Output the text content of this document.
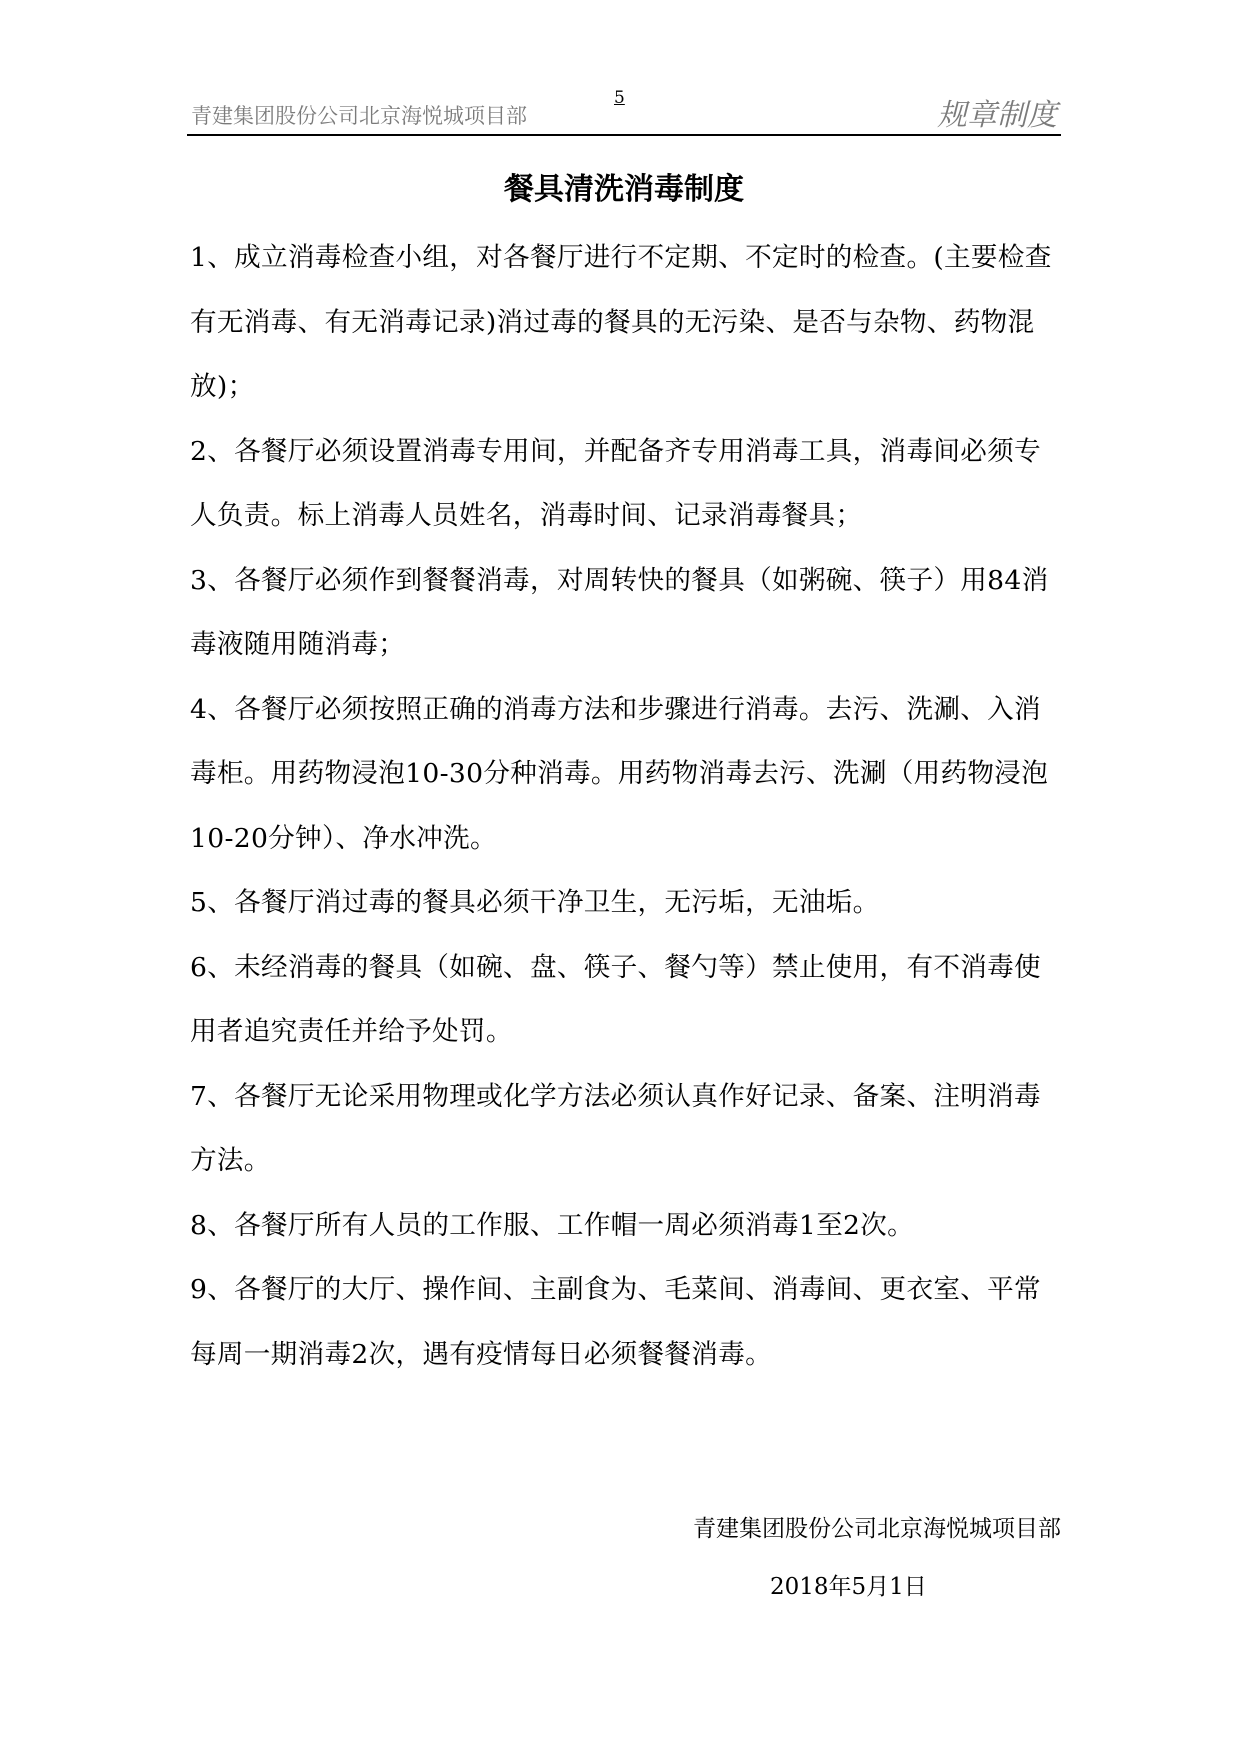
青建集团股份公司北京海悦城项目部
5	规章制度
餐具清洗消毒制度

1、成立消毒检查小组，对各餐厅进行不定期、不定时的检查。(主要检查有无消毒、有无消毒记录)消过毒的餐具的无污染、是否与杂物、药物混放)；

2、各餐厅必须设置消毒专用间，并配备齐专用消毒工具，消毒间必须专人负责。标上消毒人员姓名，消毒时间、记录消毒餐具；

3、各餐厅必须作到餐餐消毒，对周转快的餐具（如粥碗、筷子）用84消毒液随用随消毒；

4、各餐厅必须按照正确的消毒方法和步骤进行消毒。去污、洗涮、入消毒柜。用药物浸泡10-30分种消毒。用药物消毒去污、洗涮（用药物浸泡10-20分钟）、净水冲洗。

5、各餐厅消过毒的餐具必须干净卫生，无污垢，无油垢。

6、未经消毒的餐具（如碗、盘、筷子、餐勺等）禁止使用，有不消毒使用者追究责任并给予处罚。

7、各餐厅无论采用物理或化学方法必须认真作好记录、备案、注明消毒方法。

8、各餐厅所有人员的工作服、工作帽一周必须消毒1至2次。

9、各餐厅的大厅、操作间、主副食为、毛菜间、消毒间、更衣室、平常每周一期消毒2次，遇有疫情每日必须餐餐消毒。

青建集团股份公司北京海悦城项目部
2018年5月1日
